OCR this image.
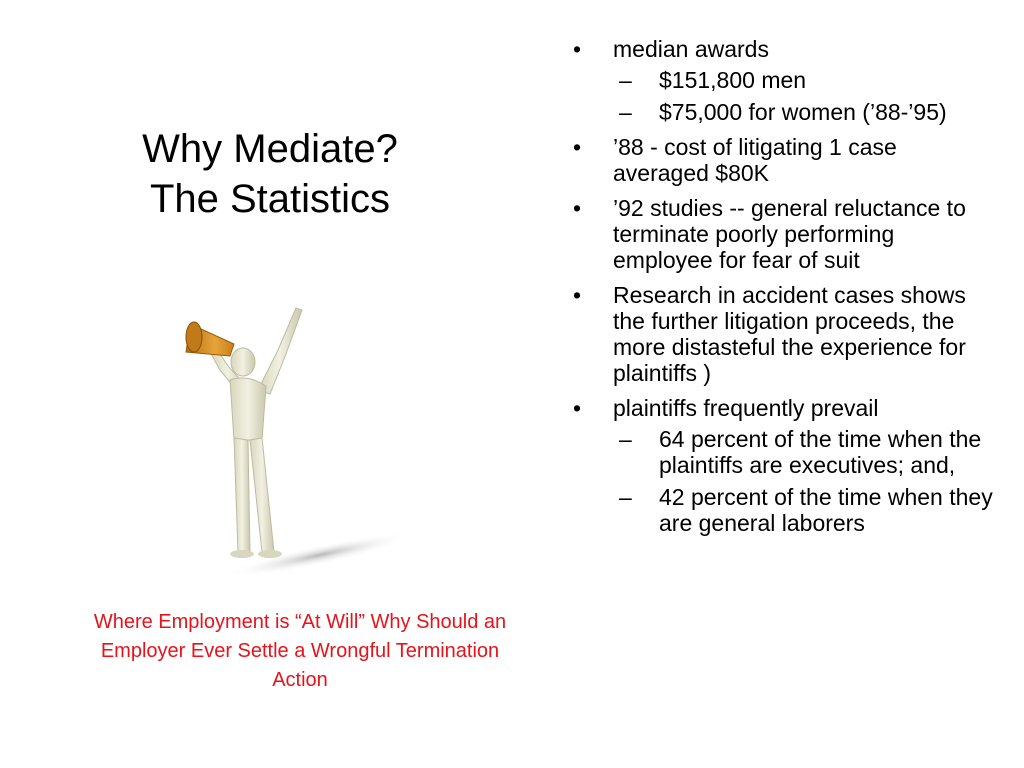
Why Mediate?
The Statistics
Where Employment is “At Will” Why Should an Employer Ever Settle a Wrongful Termination Action
•	median awards
–	$151,800 men
–	$75,000 for women (’88-’95)
•	’88 - cost of litigating 1 case averaged $80K
•	’92 studies -- general reluctance to terminate poorly performing employee for fear of suit
•	Research in accident cases shows the further litigation proceeds, the more distasteful the experience for plaintiffs )
•	plaintiffs frequently prevail
–	64 percent of the time when the plaintiffs are executives; and,
–	42 percent of the time when they are general laborers
